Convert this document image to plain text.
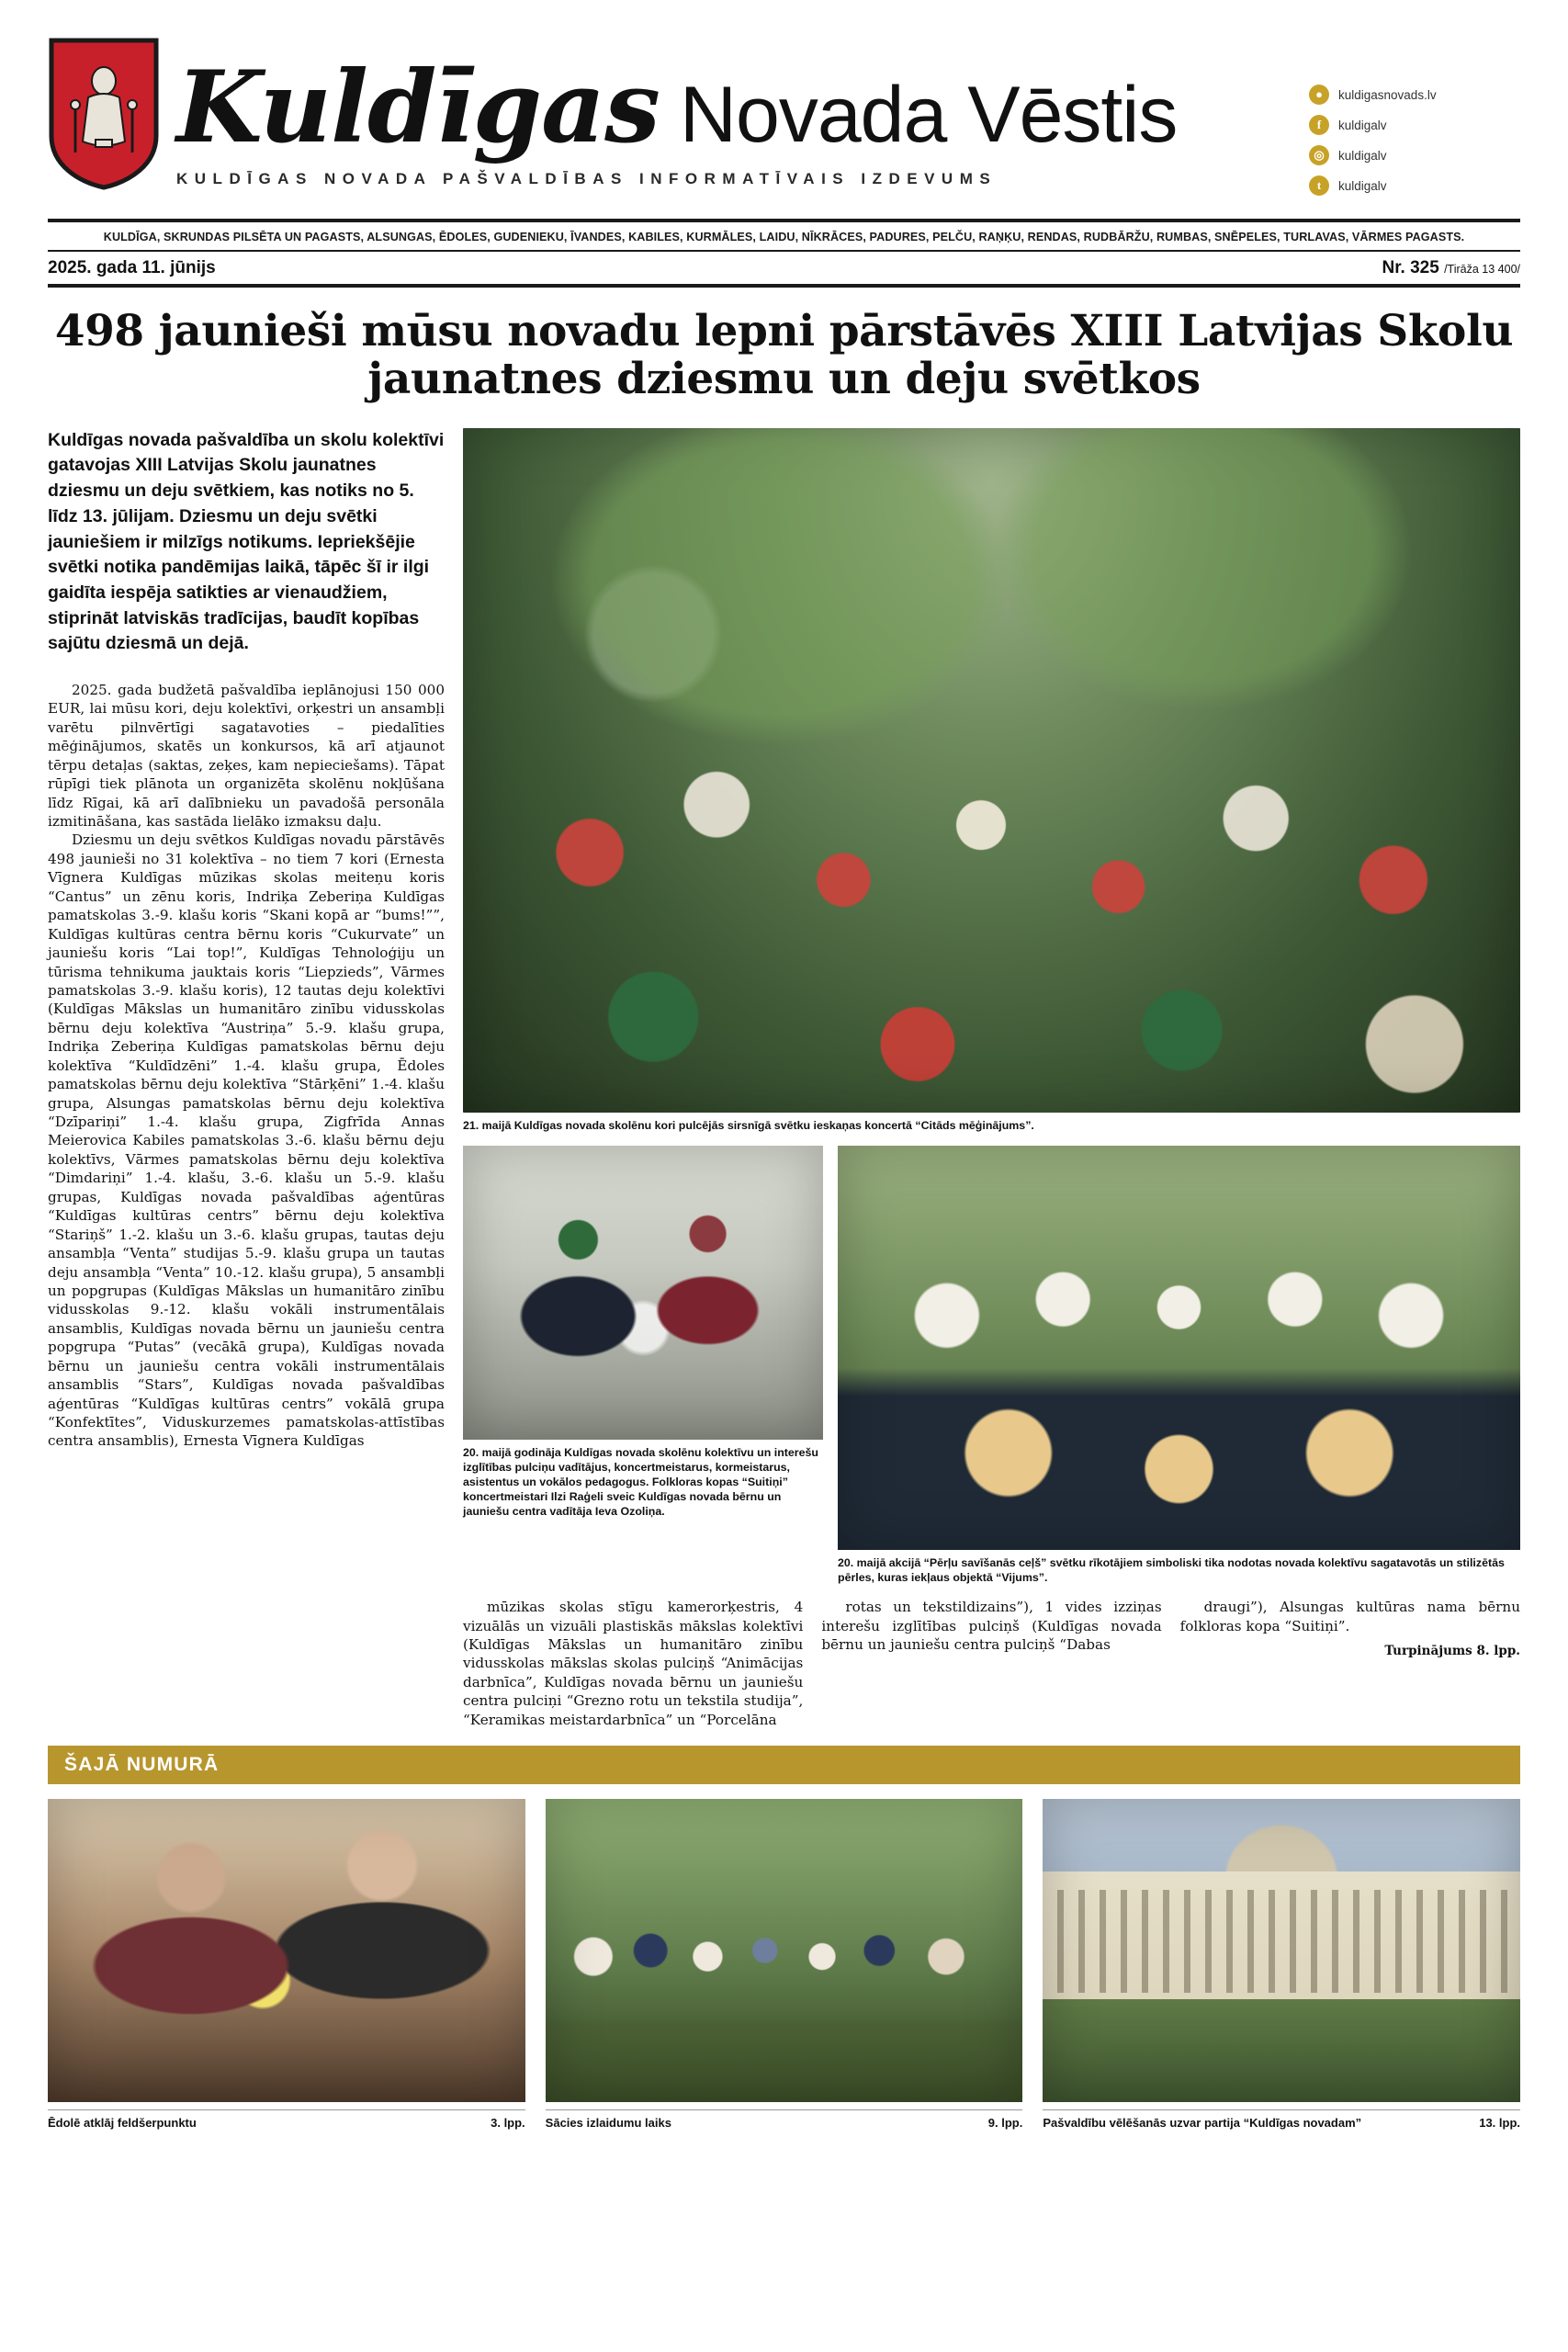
Kuldīgas Novada Vēstis
KULDĪGAS NOVADA PAŠVALDĪBAS INFORMATĪVAIS IZDEVUMS
●	kuldigasnovads.lv
f	kuldigalv
◎	kuldigalv
t	kuldigalv
KULDĪGA, SKRUNDAS PILSĒTA UN PAGASTS, ALSUNGAS, ĒDOLES, GUDENIEKU, ĪVANDES, KABILES, KURMĀLES, LAIDU, NĪKRĀCES, PADURES, PELČU, RAŅĶU, RENDAS, RUDBĀRŽU, RUMBAS, SNĒPELES, TURLAVAS, VĀRMES PAGASTS.
2025. gada 11. jūnijs	Nr. 325 /Tirāža 13 400/
498 jaunieši mūsu novadu lepni pārstāvēs XIII Latvijas Skolu jaunatnes dziesmu un deju svētkos
Kuldīgas novada pašvaldība un skolu kolektīvi gatavojas XIII Latvijas Skolu jaunatnes dziesmu un deju svētkiem, kas notiks no 5. līdz 13. jūlijam. Dziesmu un deju svētki jauniešiem ir milzīgs notikums. Iepriekšējie svētki notika pandēmijas laikā, tāpēc šī ir ilgi gaidīta iespēja satikties ar vienaudžiem, stiprināt latviskās tradīcijas, baudīt kopības sajūtu dziesmā un dejā.

2025. gada budžetā pašvaldība ieplānojusi 150 000 EUR, lai mūsu kori, deju kolektīvi, orķestri un ansambļi varētu pilnvērtīgi sagatavoties – piedalīties mēģinājumos, skatēs un konkursos, kā arī atjaunot tērpu detaļas (saktas, zeķes, kam nepieciešams). Tāpat rūpīgi tiek plānota un organizēta skolēnu nokļūšana līdz Rīgai, kā arī dalībnieku un pavadošā personāla izmitināšana, kas sastāda lielāko izmaksu daļu.

Dziesmu un deju svētkos Kuldīgas novadu pārstāvēs 498 jaunieši no 31 kolektīva – no tiem 7 kori (Ernesta Vīgnera Kuldīgas mūzikas skolas meiteņu koris “Cantus” un zēnu koris, Indriķa Zeberiņa Kuldīgas pamatskolas 3.-9. klašu koris “Skani kopā ar “bums!””, Kuldīgas kultūras centra bērnu koris “Cukurvate” un jauniešu koris “Lai top!”, Kuldīgas Tehnoloģiju un tūrisma tehnikuma jauktais koris “Liepzieds”, Vārmes pamatskolas 3.-9. klašu koris), 12 tautas deju kolektīvi (Kuldīgas Mākslas un humanitāro zinību vidusskolas bērnu deju kolektīva “Austriņa” 5.-9. klašu grupa, Indriķa Zeberiņa Kuldīgas pamatskolas bērnu deju kolektīva “Kuldīdzēni” 1.-4. klašu grupa, Ēdoles pamatskolas bērnu deju kolektīva “Stārķēni” 1.-4. klašu grupa, Alsungas pamatskolas bērnu deju kolektīva “Dzīpariņi” 1.-4. klašu grupa, Zigfrīda Annas Meierovica Kabiles pamatskolas 3.-6. klašu bērnu deju kolektīvs, Vārmes pamatskolas bērnu deju kolektīva “Dimdariņi” 1.-4. klašu, 3.-6. klašu un 5.-9. klašu grupas, Kuldīgas novada pašvaldības aģentūras “Kuldīgas kultūras centrs” bērnu deju kolektīva “Stariņš” 1.-2. klašu un 3.-6. klašu grupas, tautas deju ansambļa “Venta” studijas 5.-9. klašu grupa un tautas deju ansambļa “Venta” 10.-12. klašu grupa), 5 ansambļi un popgrupas (Kuldīgas Mākslas un humanitāro zinību vidusskolas 9.-12. klašu vokāli instrumentālais ansamblis, Kuldīgas novada bērnu un jauniešu centra popgrupa “Putas” (vecākā grupa), Kuldīgas novada bērnu un jauniešu centra vokāli instrumentālais ansamblis “Stars”, Kuldīgas novada pašvaldības aģentūras “Kuldīgas kultūras centrs” vokālā grupa “Konfektītes”, Viduskurzemes pamatskolas-attīstības centra ansamblis), Ernesta Vīgnera Kuldīgas

21. maijā Kuldīgas novada skolēnu kori pulcējās sirsnīgā svētku ieskaņas koncertā “Citāds mēģinājums”.
20. maijā godināja Kuldīgas novada skolēnu kolektīvu un interešu izglītības pulciņu vadītājus, koncertmeistarus, kormeistarus, asistentus un vokālos pedagogus. Folkloras kopas “Suitiņi” koncertmeistari Ilzi Raģeli sveic Kuldīgas novada bērnu un jauniešu centra vadītāja Ieva Ozoliņa.
20. maijā akcijā “Pērļu savīšanās ceļš” svētku rīkotājiem simboliski tika nodotas novada kolektīvu sagatavotās un stilizētās pērles, kuras iekļaus objektā “Vijums”.

mūzikas skolas stīgu kamerorķestris, 4 vizuālās un vizuāli plastiskās mākslas kolektīvi (Kuldīgas Mākslas un humanitāro zinību vidusskolas mākslas skolas pulciņš “Animācijas darbnīca”, Kuldīgas novada bērnu un jauniešu centra pulciņi “Grezno rotu un tekstila studija”, “Keramikas meistardarbnīca” un “Porcelāna

rotas un tekstildizains”), 1 vides izziņas interešu izglītības pulciņš (Kuldīgas novada bērnu un jauniešu centra pulciņš “Dabas

draugi”), Alsungas kultūras nama bērnu folkloras kopa “Suitiņi”.

Turpinājums 8. lpp.
ŠAJĀ NUMURĀ
Ēdolē atklāj feldšerpunktu	3. lpp. Sācies izlaidumu laiks	9. lpp. Pašvaldību vēlēšanās uzvar partija “Kuldīgas novadam”	13. lpp.
